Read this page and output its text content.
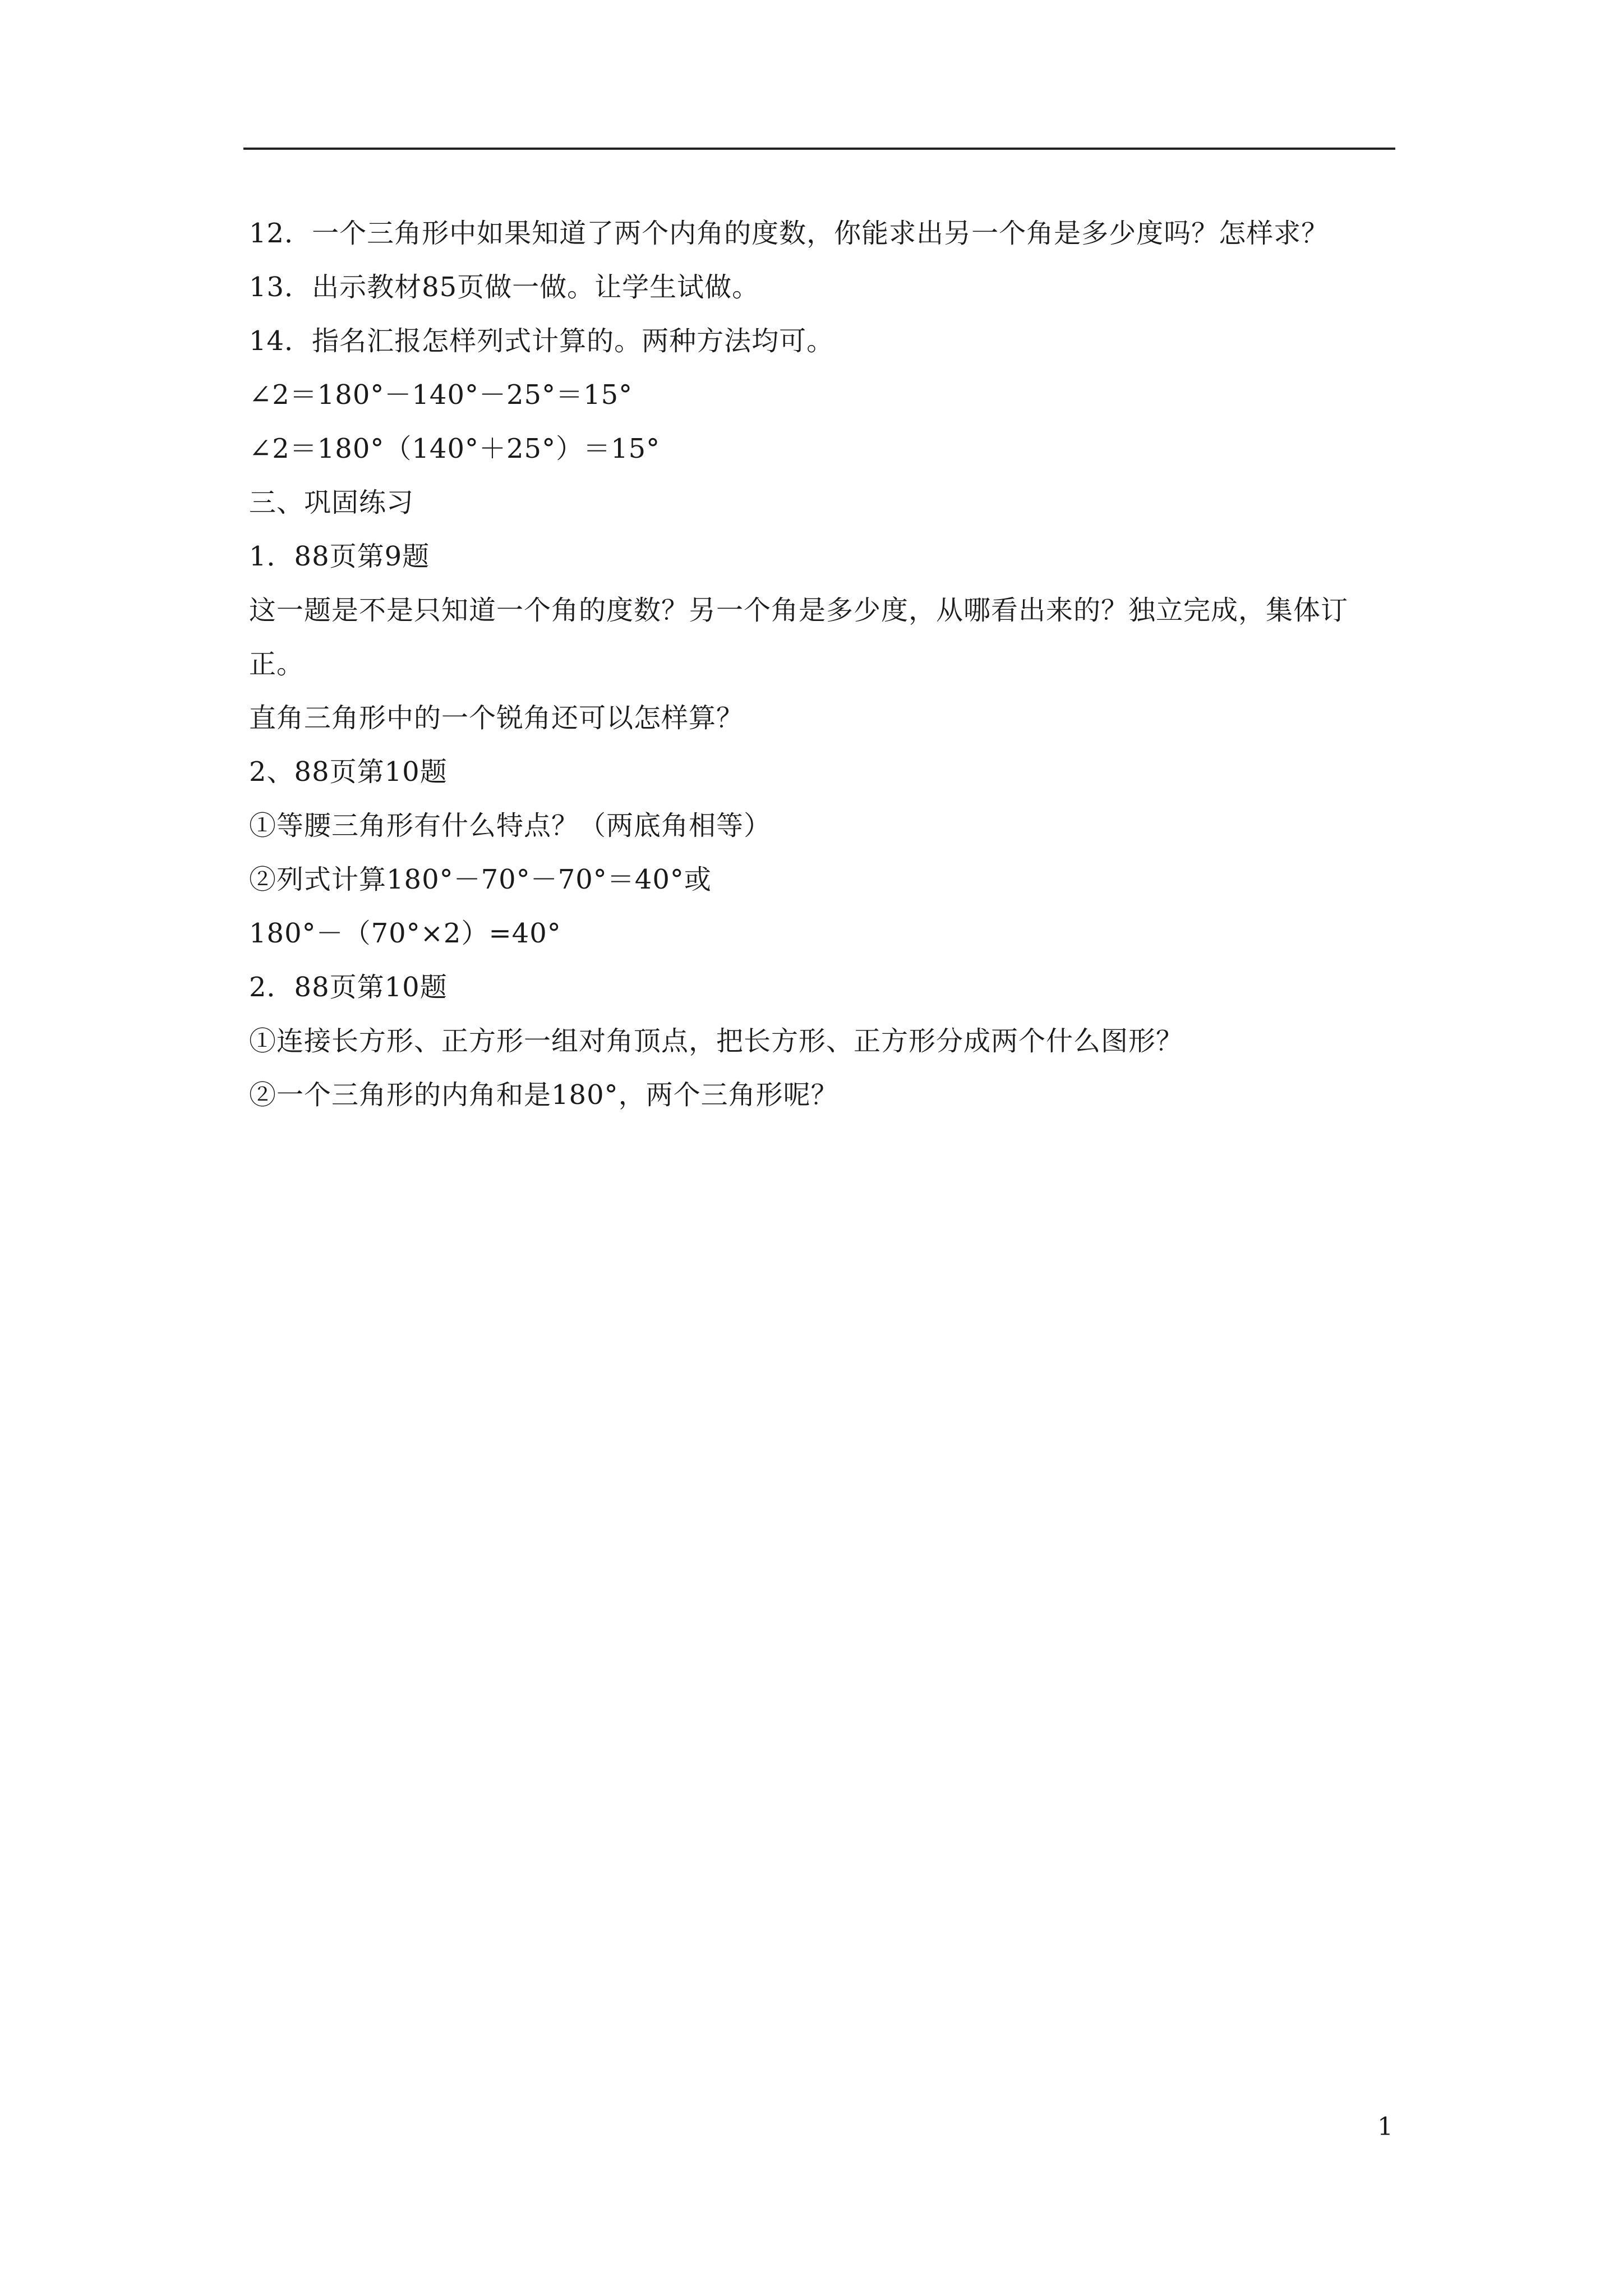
12．一个三角形中如果知道了两个内角的度数，你能求出另一个角是多少度吗？怎样求？
13．出示教材85页做一做。让学生试做。
14．指名汇报怎样列式计算的。两种方法均可。
∠2＝180°－140°－25°＝15°
∠2＝180°（140°＋25°）＝15°
三、巩固练习
1．88页第9题
这一题是不是只知道一个角的度数？另一个角是多少度，从哪看出来的？独立完成，集体订正。
直角三角形中的一个锐角还可以怎样算？
2、88页第10题
①等腰三角形有什么特点？（两底角相等）
②列式计算180°－70°－70°＝40°或
180°－（70°×2）=40°
2．88页第10题
①连接长方形、正方形一组对角顶点，把长方形、正方形分成两个什么图形？
②一个三角形的内角和是180°，两个三角形呢？
1
